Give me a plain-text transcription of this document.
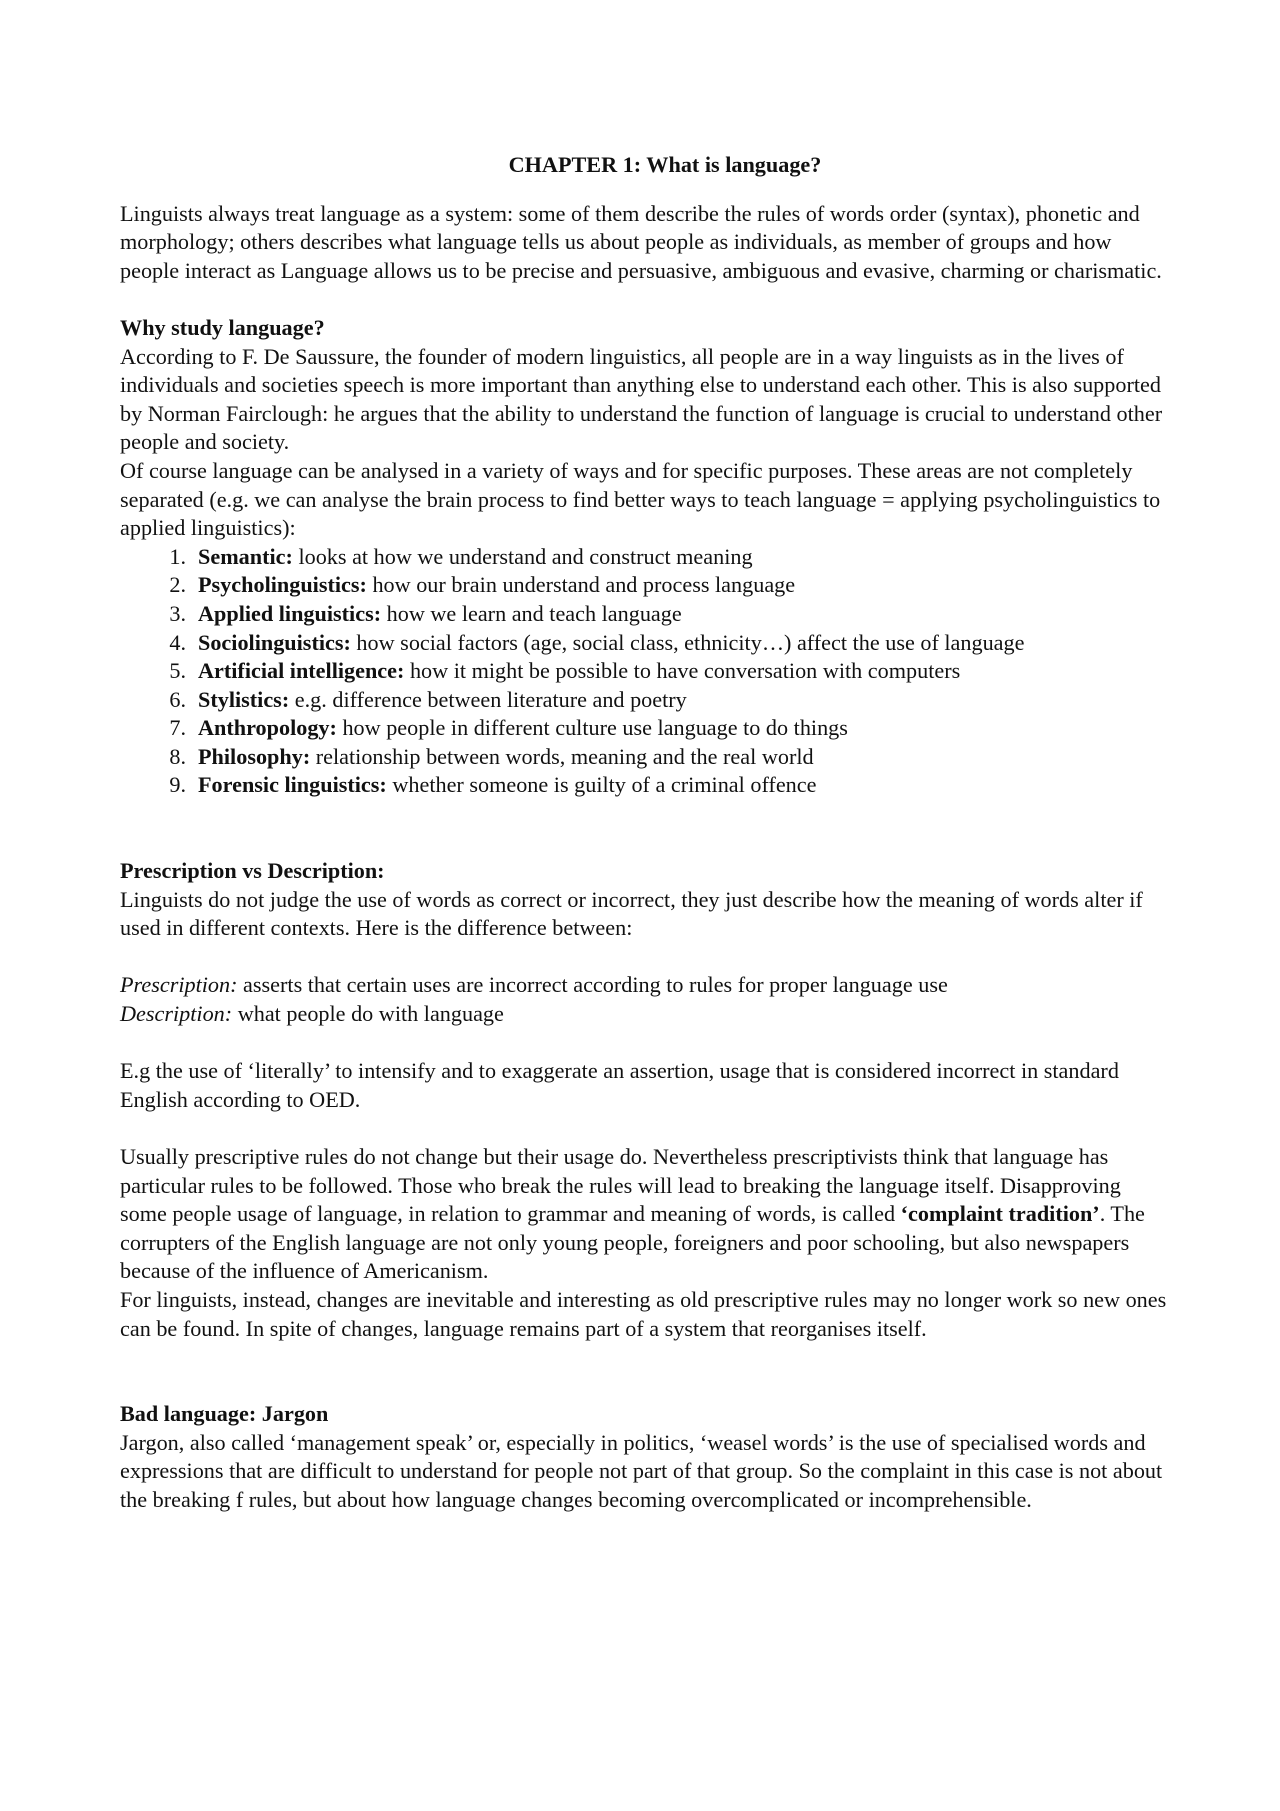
CHAPTER 1: What is language?

Linguists always treat language as a system: some of them describe the rules of words order (syntax), phonetic and morphology; others describes what language tells us about people as individuals, as member of groups and how people interact as Language allows us to be precise and persuasive, ambiguous and evasive, charming or charismatic.

Why study language?

According to F. De Saussure, the founder of modern linguistics, all people are in a way linguists as in the lives of individuals and societies speech is more important than anything else to understand each other. This is also supported by Norman Fairclough: he argues that the ability to understand the function of language is crucial to understand other people and society.

Of course language can be analysed in a variety of ways and for specific purposes. These areas are not completely separated (e.g. we can analyse the brain process to find better ways to teach language = applying psycholinguistics to applied linguistics):

1. Semantic: looks at how we understand and construct meaning
2. Psycholinguistics: how our brain understand and process language
3. Applied linguistics: how we learn and teach language
4. Sociolinguistics: how social factors (age, social class, ethnicity…) affect the use of language
5. Artificial intelligence: how it might be possible to have conversation with computers
6. Stylistics: e.g. difference between literature and poetry
7. Anthropology: how people in different culture use language to do things
8. Philosophy: relationship between words, meaning and the real world
9. Forensic linguistics: whether someone is guilty of a criminal offence
Prescription vs Description:

Linguists do not judge the use of words as correct or incorrect, they just describe how the meaning of words alter if used in different contexts. Here is the difference between:

Prescription: asserts that certain uses are incorrect according to rules for proper language use

Description: what people do with language

E.g the use of ‘literally’ to intensify and to exaggerate an assertion, usage that is considered incorrect in standard English according to OED.

Usually prescriptive rules do not change but their usage do. Nevertheless prescriptivists think that language has particular rules to be followed. Those who break the rules will lead to breaking the language itself. Disapproving some people usage of language, in relation to grammar and meaning of words, is called ‘complaint tradition’. The corrupters of the English language are not only young people, foreigners and poor schooling, but also newspapers because of the influence of Americanism.

For linguists, instead, changes are inevitable and interesting as old prescriptive rules may no longer work so new ones can be found. In spite of changes, language remains part of a system that reorganises itself.

Bad language: Jargon

Jargon, also called ‘management speak’ or, especially in politics, ‘weasel words’ is the use of specialised words and expressions that are difficult to understand for people not part of that group. So the complaint in this case is not about the breaking f rules, but about how language changes becoming overcomplicated or incomprehensible.
